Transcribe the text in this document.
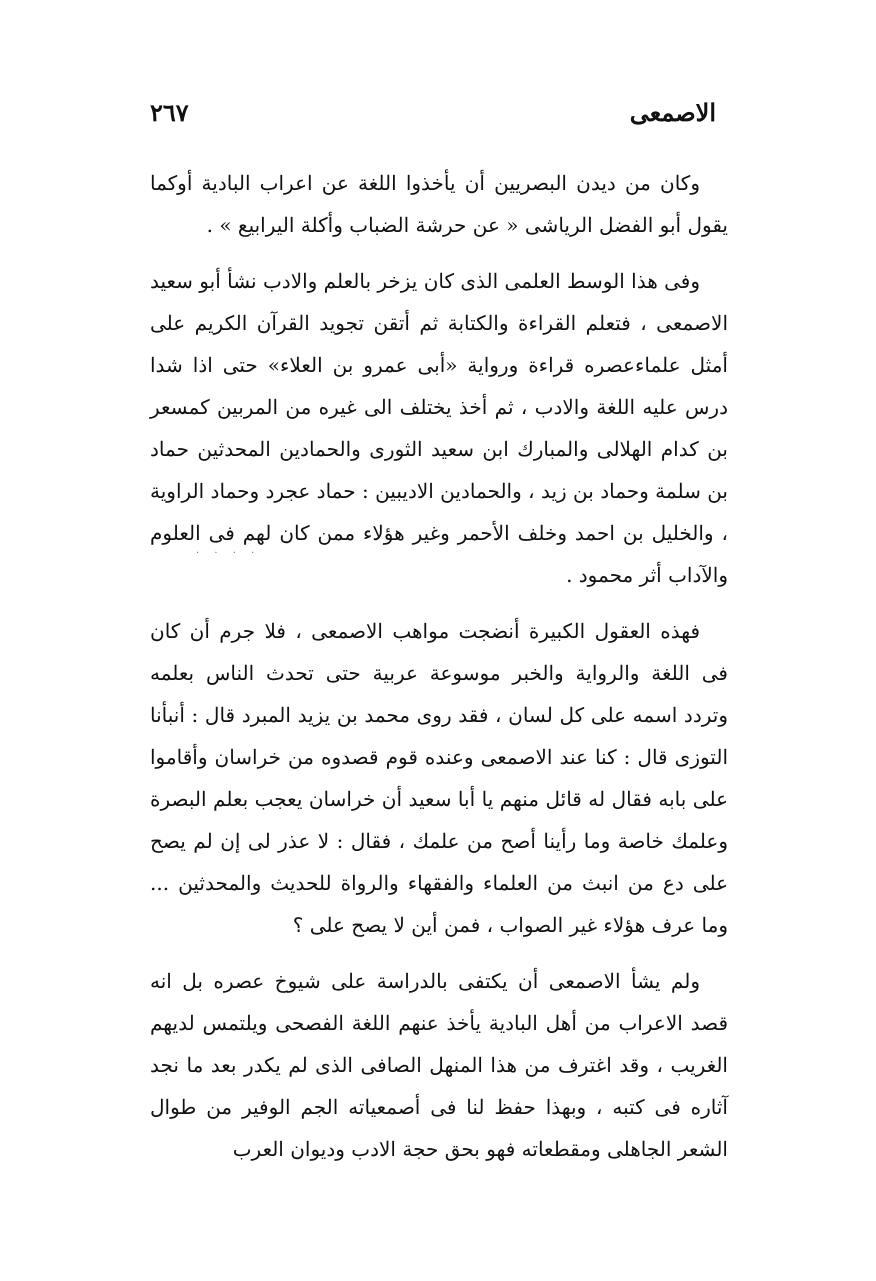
٢٦٧	الاصمعى

وكان من ديدن البصريين أن يأخذوا اللغة عن اعراب البادية أوكما يقول أبو الفضل الرياشى « عن حرشة الضباب وأكلة اليرابيع » .

وفى هذا الوسط العلمى الذى كان يزخر بالعلم والادب نشأ أبو سعيد الاصمعى ، فتعلم القراءة والكتابة ثم أتقن تجويد القرآن الكريم على أمثل علماءعصره قراءة ورواية «أبى عمرو بن العلاء» حتى اذا شدا درس عليه اللغة والادب ، ثم أخذ يختلف الى غيره من المربين كمسعر بن كدام الهلالى والمبارك ابن سعيد الثورى والحمادين المحدثين حماد بن سلمة وحماد بن زيد ، والحمادين الاديبين : حماد عجرد وحماد الراوية ، والخليل بن احمد وخلف الأحمر وغير هؤلاء ممن كان لهم فى العلوم والآداب أثر محمود .

فهذه العقول الكبيرة أنضجت مواهب الاصمعى ، فلا جرم أن كان فى اللغة والرواية والخبر موسوعة عربية حتى تحدث الناس بعلمه وتردد اسمه على كل لسان ، فقد روى محمد بن يزيد المبرد قال : أنبأنا التوزى قال : كنا عند الاصمعى وعنده قوم قصدوه من خراسان وأقاموا على بابه فقال له قائل منهم يا أبا سعيد أن خراسان يعجب بعلم البصرة وعلمك خاصة وما رأينا أصح من علمك ، فقال : لا عذر لى إن لم يصح على دع من انبث من العلماء والفقهاء والرواة للحديث والمحدثين ... وما عرف هؤلاء غير الصواب ، فمن أين لا يصح على ؟

ولم يشأ الاصمعى أن يكتفى بالدراسة على شيوخ عصره بل انه قصد الاعراب من أهل البادية يأخذ عنهم اللغة الفصحى ويلتمس لديهم الغريب ، وقد اغترف من هذا المنهل الصافى الذى لم يكدر بعد ما نجد آثاره فى كتبه ، وبهذا حفظ لنا فى أصمعياته الجم الوفير من طوال الشعر الجاهلى ومقطعاته فهو بحق حجة الادب وديوان العرب

· · · ·
